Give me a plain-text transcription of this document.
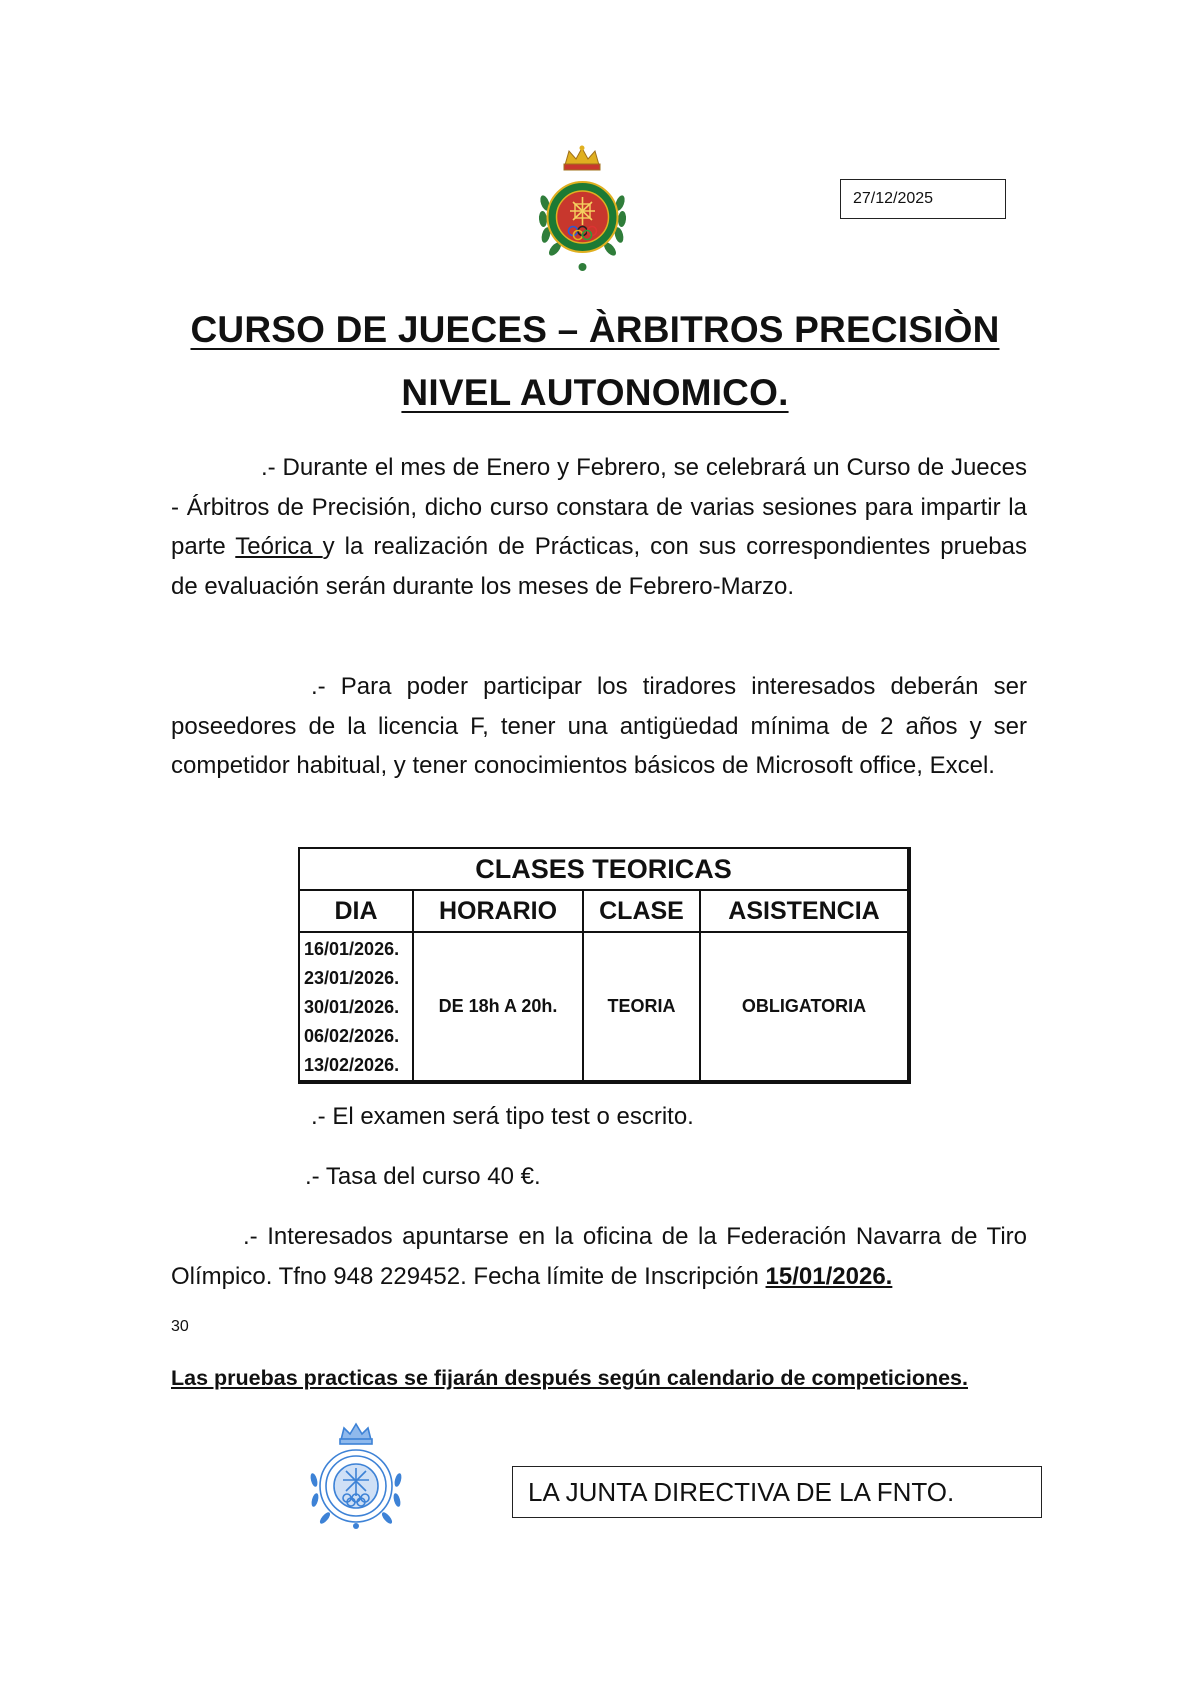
27/12/2025
CURSO DE JUECES – ÀRBITROS PRECISIÒN
NIVEL AUTONOMICO.

.- Durante el mes de Enero y Febrero, se celebrará un Curso de Jueces - Árbitros de Precisión, dicho curso constara de varias sesiones para impartir la parte Teórica y la realización de Prácticas, con sus correspondientes pruebas de evaluación serán durante los meses de Febrero-Marzo.

.- Para poder participar los tiradores interesados deberán ser poseedores de la licencia F, tener una antigüedad mínima de 2 años y ser competidor habitual, y tener conocimientos básicos de Microsoft office, Excel.

CLASES TEORICAS			
DIA	HORARIO	CLASE	ASISTENCIA

16/01/2026.
23/01/2026.
30/01/2026.
06/02/2026.
13/02/2026.	DE 18h A 20h.	TEORIA	OBLIGATORIA

.- El examen será tipo test o escrito.

.- Tasa del curso 40 €.

.- Interesados apuntarse en la oficina de la Federación Navarra de Tiro Olímpico. Tfno 948 229452. Fecha límite de Inscripción 15/01/2026.

30
Las pruebas practicas se fijarán después según calendario de competiciones.
LA JUNTA DIRECTIVA DE LA FNTO.
